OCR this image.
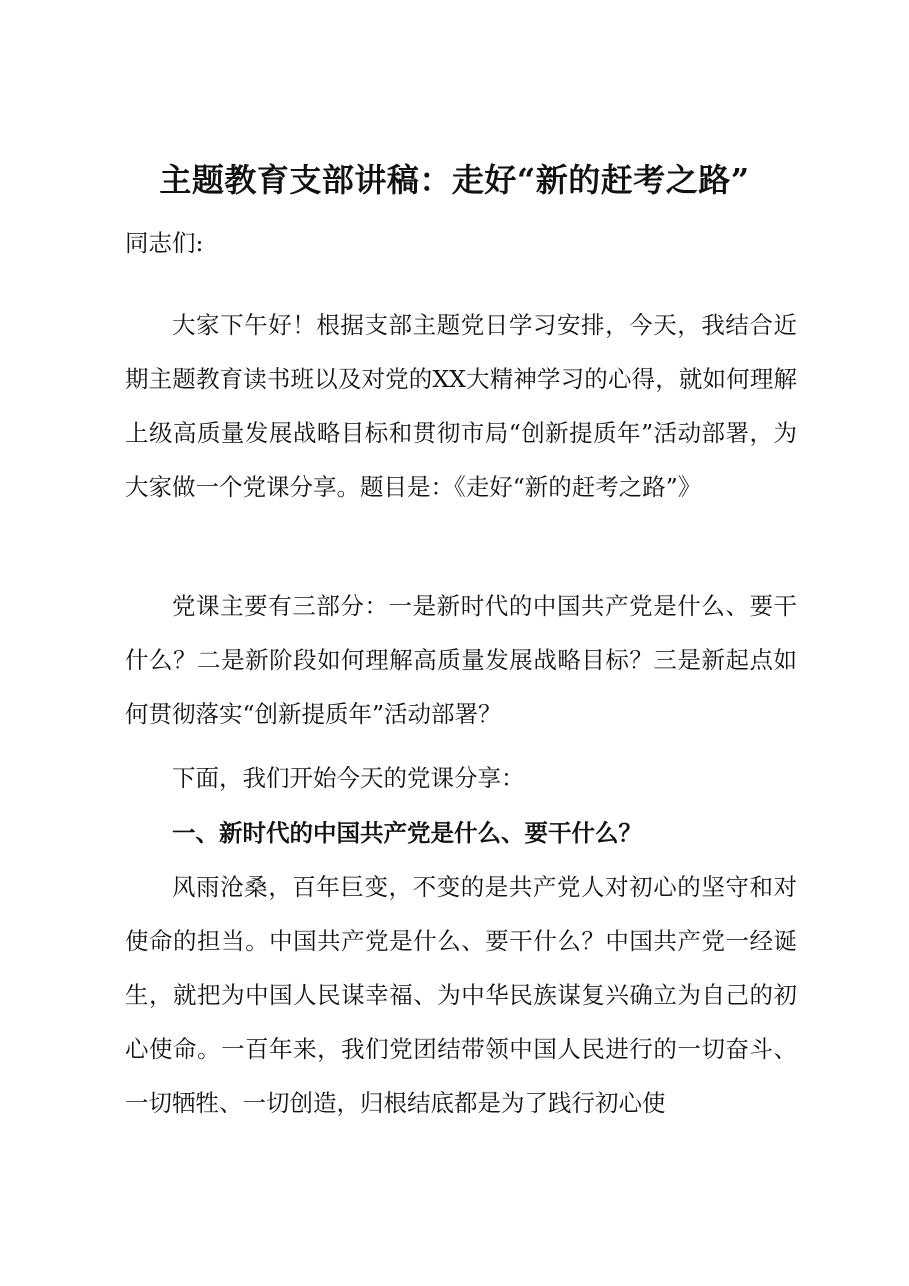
主题教育支部讲稿：走好“新的赶考之路”
同志们:
大家下午好！根据支部主题党日学习安排，今天，我结合近期主题教育读书班以及对党的XX大精神学习的心得，就如何理解上级高质量发展战略目标和贯彻市局“创新提质年”活动部署，为大家做一个党课分享。题目是：《走好“新的赶考之路”》
党课主要有三部分：一是新时代的中国共产党是什么、要干什么？二是新阶段如何理解高质量发展战略目标？三是新起点如何贯彻落实“创新提质年”活动部署？
下面，我们开始今天的党课分享：
一、新时代的中国共产党是什么、要干什么？
风雨沧桑，百年巨变，不变的是共产党人对初心的坚守和对使命的担当。中国共产党是什么、要干什么？中国共产党一经诞生，就把为中国人民谋幸福、为中华民族谋复兴确立为自己的初心使命。一百年来，我们党团结带领中国人民进行的一切奋斗、一切牺牲、一切创造，归根结底都是为了践行初心使
